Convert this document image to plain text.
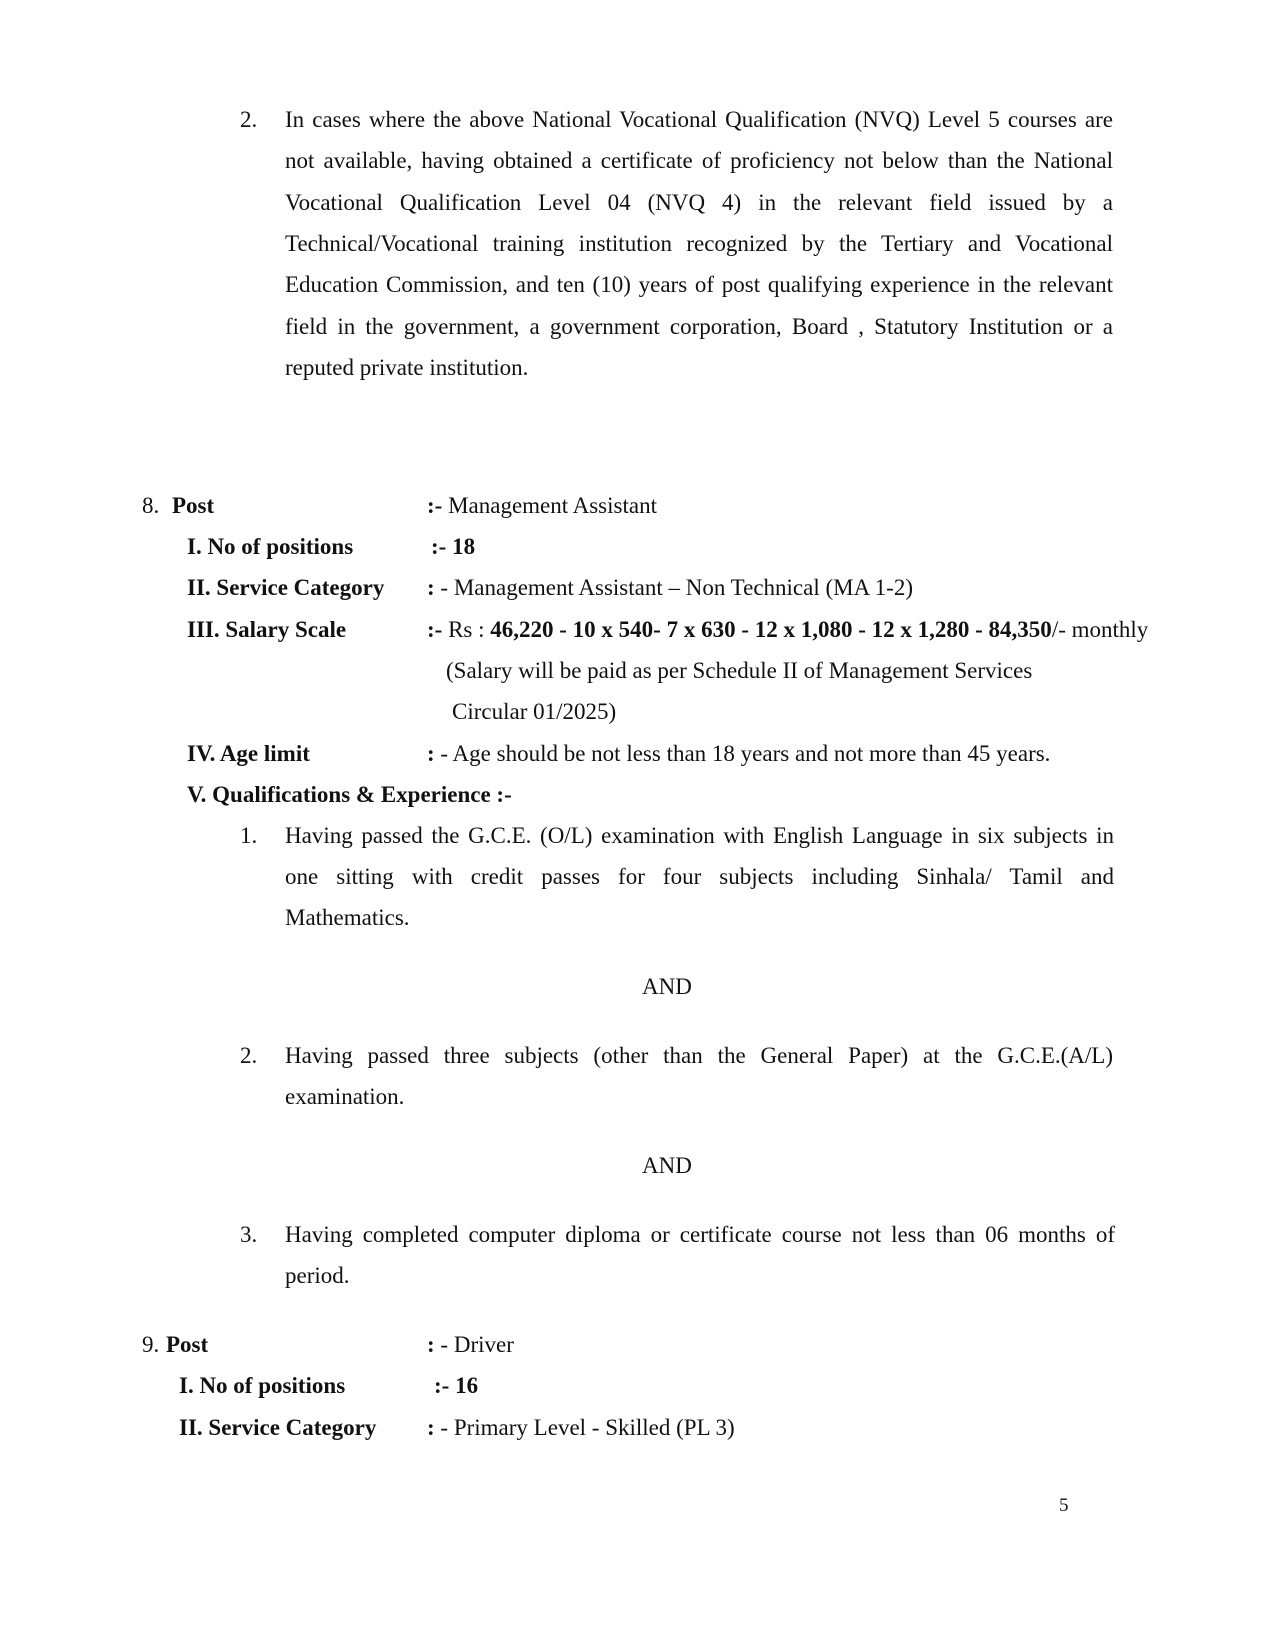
2. In cases where the above National Vocational Qualification (NVQ) Level 5 courses are
not available, having obtained a certificate of proficiency not below than the National
Vocational Qualification Level 04 (NVQ 4) in the relevant field issued by a
Technical/Vocational training institution recognized by the Tertiary and Vocational
Education Commission, and ten (10) years of post qualifying experience in the relevant
field in the government, a government corporation, Board , Statutory Institution or a
reputed private institution.
8. Post	:- Management Assistant
I. No of positions	:- 18
II. Service Category : - Management Assistant – Non Technical (MA 1-2)
III. Salary Scale	:- Rs : 46,220 - 10 x 540- 7 x 630 - 12 x 1,080 - 12 x 1,280 - 84,350/- monthly
(Salary will be paid as per Schedule II of Management Services
Circular 01/2025)
IV. Age limit	: - Age should be not less than 18 years and not more than 45 years.
V. Qualifications & Experience :-
1. Having passed the G.C.E. (O/L) examination with English Language in six subjects in
one sitting with credit passes for four subjects including Sinhala/ Tamil and
Mathematics.
AND
2. Having passed three subjects (other than the General Paper) at the G.C.E.(A/L)
examination.
AND
3. Having completed computer diploma or certificate course not less than 06 months of
period.
9. Post	: - Driver
I. No of positions	:- 16
II. Service Category : - Primary Level - Skilled (PL 3)
5
